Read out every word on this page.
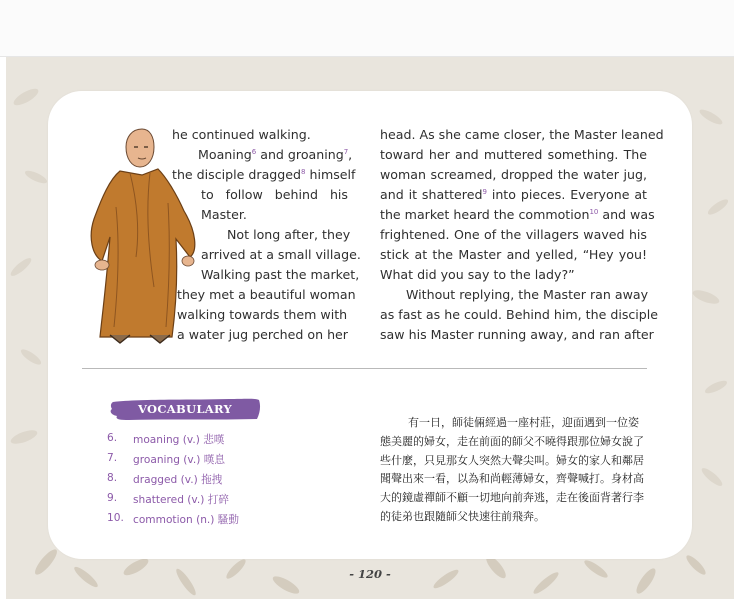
he continued walking.
Moaning$^6$ and groaning$^7$,
the disciple dragged$^8$ himself
to follow behind his
Master.
Not long after, they
arrived at a small village.
Walking past the market,
they met a beautiful woman
walking towards them with
a water jug perched on her
head. As she came closer, the Master leaned
toward her and muttered something. The
woman screamed, dropped the water jug,
and it shattered$^9$ into pieces. Everyone at
the market heard the commotion$^{10}$ and was
frightened. One of the villagers waved his
stick at the Master and yelled, “Hey you!
What did you say to the lady?”
Without replying, the Master ran away
as fast as he could. Behind him, the disciple
saw his Master running away, and ran after
VOCABULARY
6. moaning (v.) 悲嘆
7. groaning (v.) 嘆息
8. dragged (v.) 拖拽
9. shattered (v.) 打碎
10. commotion (n.) 騷動
有一日，師徒倆經過一座村莊，迎面遇到一位姿
態美麗的婦女，走在前面的師父不曉得跟那位婦女說了
些什麼，只見那女人突然大聲尖叫。婦女的家人和鄰居
聞聲出來一看，以為和尚輕薄婦女，齊聲喊打。身材高
大的鏡虛禪師不顧一切地向前奔逃，走在後面背著行李
的徒弟也跟隨師父快速往前飛奔。
- 120 -
